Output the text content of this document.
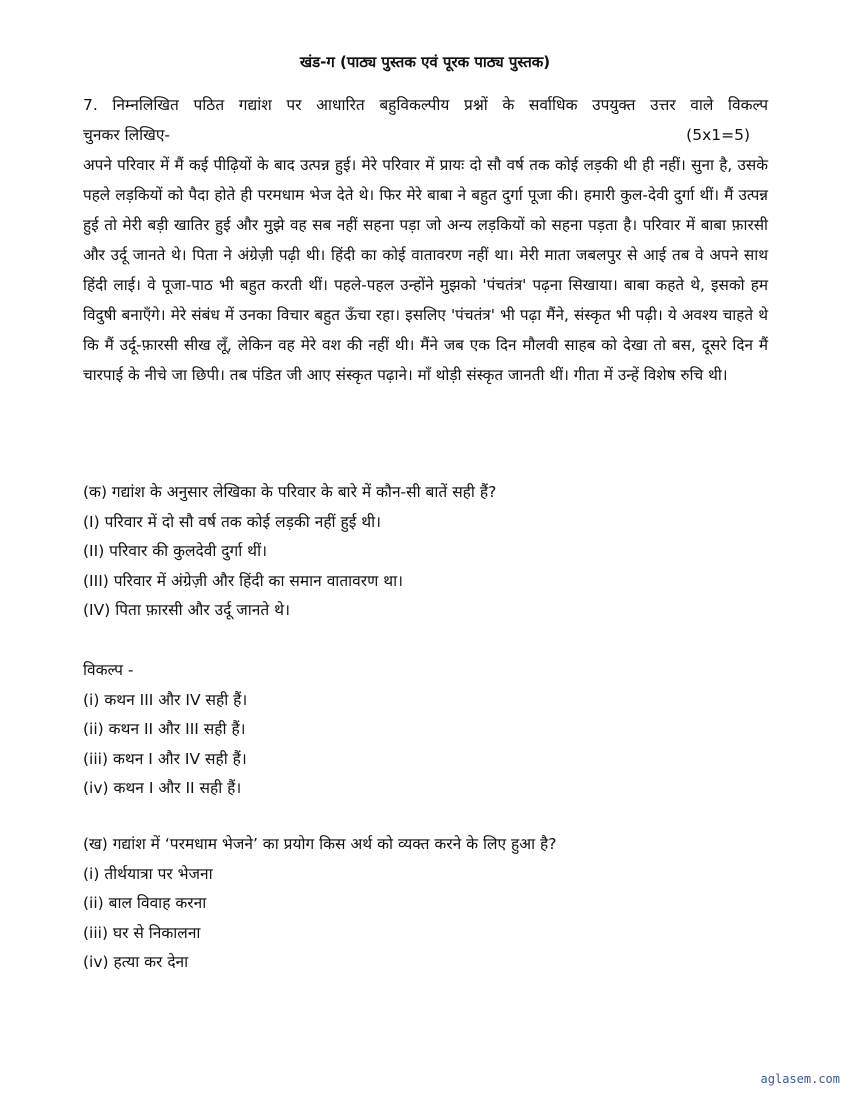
खंड-ग (पाठ्य पुस्तक एवं पूरक पाठ्य पुस्तक)
7. निम्नलिखित पठित गद्यांश पर आधारित बहुविकल्पीय प्रश्नों के सर्वाधिक उपयुक्त उत्तर वाले विकल्प
चुनकर लिखिए-	(5x1=5)
अपने परिवार में मैं कई पीढ़ियों के बाद उत्पन्न हुई। मेरे परिवार में प्रायः दो सौ वर्ष तक कोई लड़की थी ही नहीं। सुना है, उसके पहले लड़कियों को पैदा होते ही परमधाम भेज देते थे। फिर मेरे बाबा ने बहुत दुर्गा पूजा की। हमारी कुल-देवी दुर्गा थीं। मैं उत्पन्न हुई तो मेरी बड़ी खातिर हुई और मुझे वह सब नहीं सहना पड़ा जो अन्य लड़कियों को सहना पड़ता है। परिवार में बाबा फ़ारसी और उर्दू जानते थे। पिता ने अंग्रेज़ी पढ़ी थी। हिंदी का कोई वातावरण नहीं था। मेरी माता जबलपुर से आई तब वे अपने साथ हिंदी लाई। वे पूजा-पाठ भी बहुत करती थीं। पहले-पहल उन्होंने मुझको 'पंचतंत्र' पढ़ना सिखाया। बाबा कहते थे, इसको हम विदुषी बनाएँगे। मेरे संबंध में उनका विचार बहुत ऊँचा रहा। इसलिए 'पंचतंत्र' भी पढ़ा मैंने, संस्कृत भी पढ़ी। ये अवश्य चाहते थे कि मैं उर्दू-फ़ारसी सीख लूँ, लेकिन वह मेरे वश की नहीं थी। मैंने जब एक दिन मौलवी साहब को देखा तो बस, दूसरे दिन मैं चारपाई के नीचे जा छिपी। तब पंडित जी आए संस्कृत पढ़ाने। माँ थोड़ी संस्कृत जानती थीं। गीता में उन्हें विशेष रुचि थी।

(क) गद्यांश के अनुसार लेखिका के परिवार के बारे में कौन-सी बातें सही हैं?

(I) परिवार में दो सौ वर्ष तक कोई लड़की नहीं हुई थी।

(II) परिवार की कुलदेवी दुर्गा थीं।

(III) परिवार में अंग्रेज़ी और हिंदी का समान वातावरण था।

(IV) पिता फ़ारसी और उर्दू जानते थे।

विकल्प -

(i) कथन III और IV सही हैं।

(ii) कथन II और III सही हैं।

(iii) कथन I और IV सही हैं।

(iv) कथन I और II सही हैं।

(ख) गद्यांश में ‘परमधाम भेजने’ का प्रयोग किस अर्थ को व्यक्त करने के लिए हुआ है?

(i) तीर्थयात्रा पर भेजना

(ii) बाल विवाह करना

(iii) घर से निकालना

(iv) हत्या कर देना

aglasem.com
